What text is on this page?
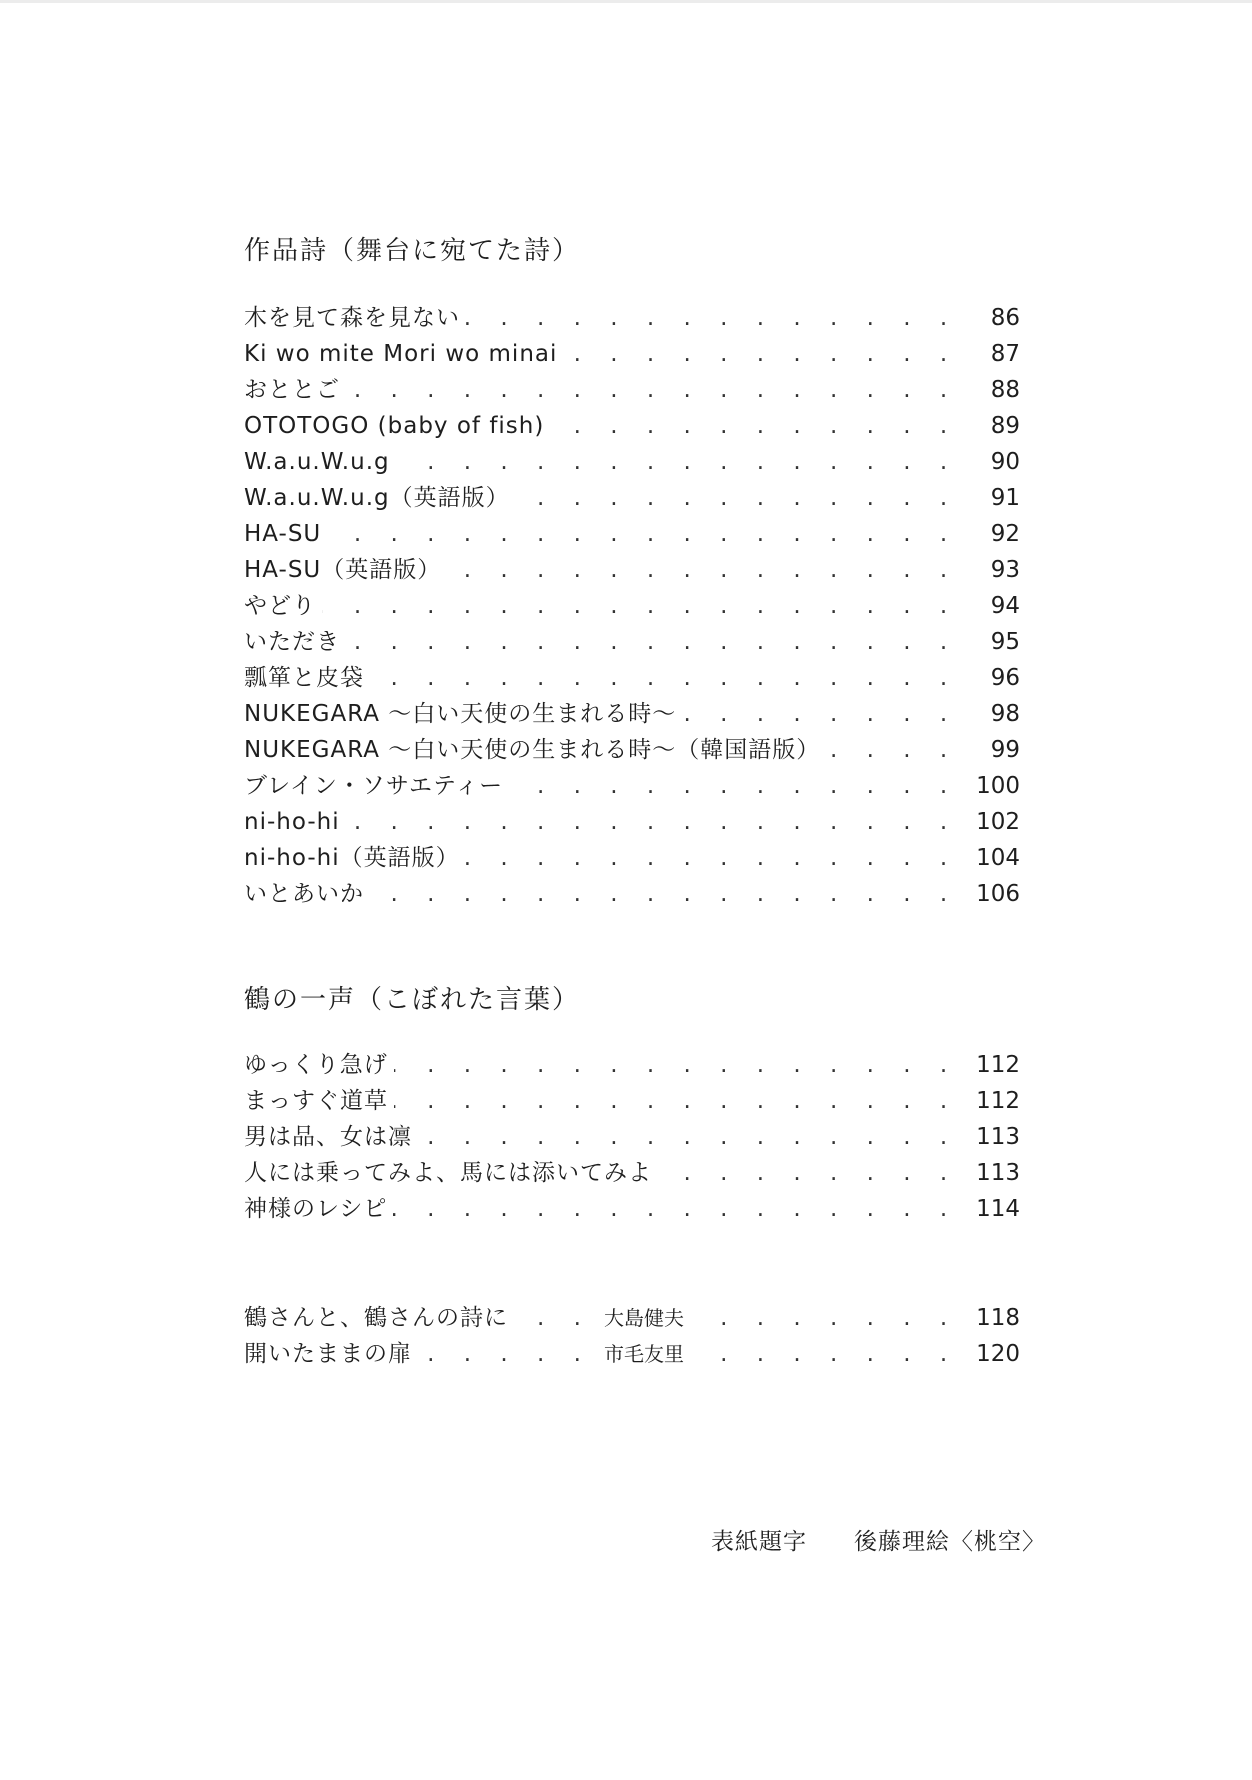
作品詩（舞台に宛てた詩）
. . .
木を見て森を見ない	86
. . .
Ki wo mite Mori wo minai	87
. . .
おととご	88
. . .
OTOTOGO (baby of fish)	89
. . .
W.a.u.W.u.g	90
. . .
W.a.u.W.u.g（英語版）	91
. . .
HA-SU	92
. . .
HA-SU（英語版）	93
. . .
やどり	94
. . .
いただき	95
. . .
瓢箪と皮袋	96
. . .
NUKEGARA 〜白い天使の生まれる時〜	98
. . .
NUKEGARA 〜白い天使の生まれる時〜（韓国語版）	99
. . .
ブレイン・ソサエティー	100
. . .
ni-ho-hi	102
. . .
ni-ho-hi（英語版）	104
. . .
いとあいか	106
鶴の一声（こぼれた言葉）
. . .
ゆっくり急げ	112
. . .
まっすぐ道草	112
. . .
男は品、女は凛	113
. . .
人には乗ってみよ、馬には添いてみよ	113
. . .
神様のレシピ	114
. . .
鶴さんと、鶴さんの詩に	大島健夫	118
. . .
開いたままの扉	市毛友里	120
表紙題字 後藤理絵〈桃空〉
